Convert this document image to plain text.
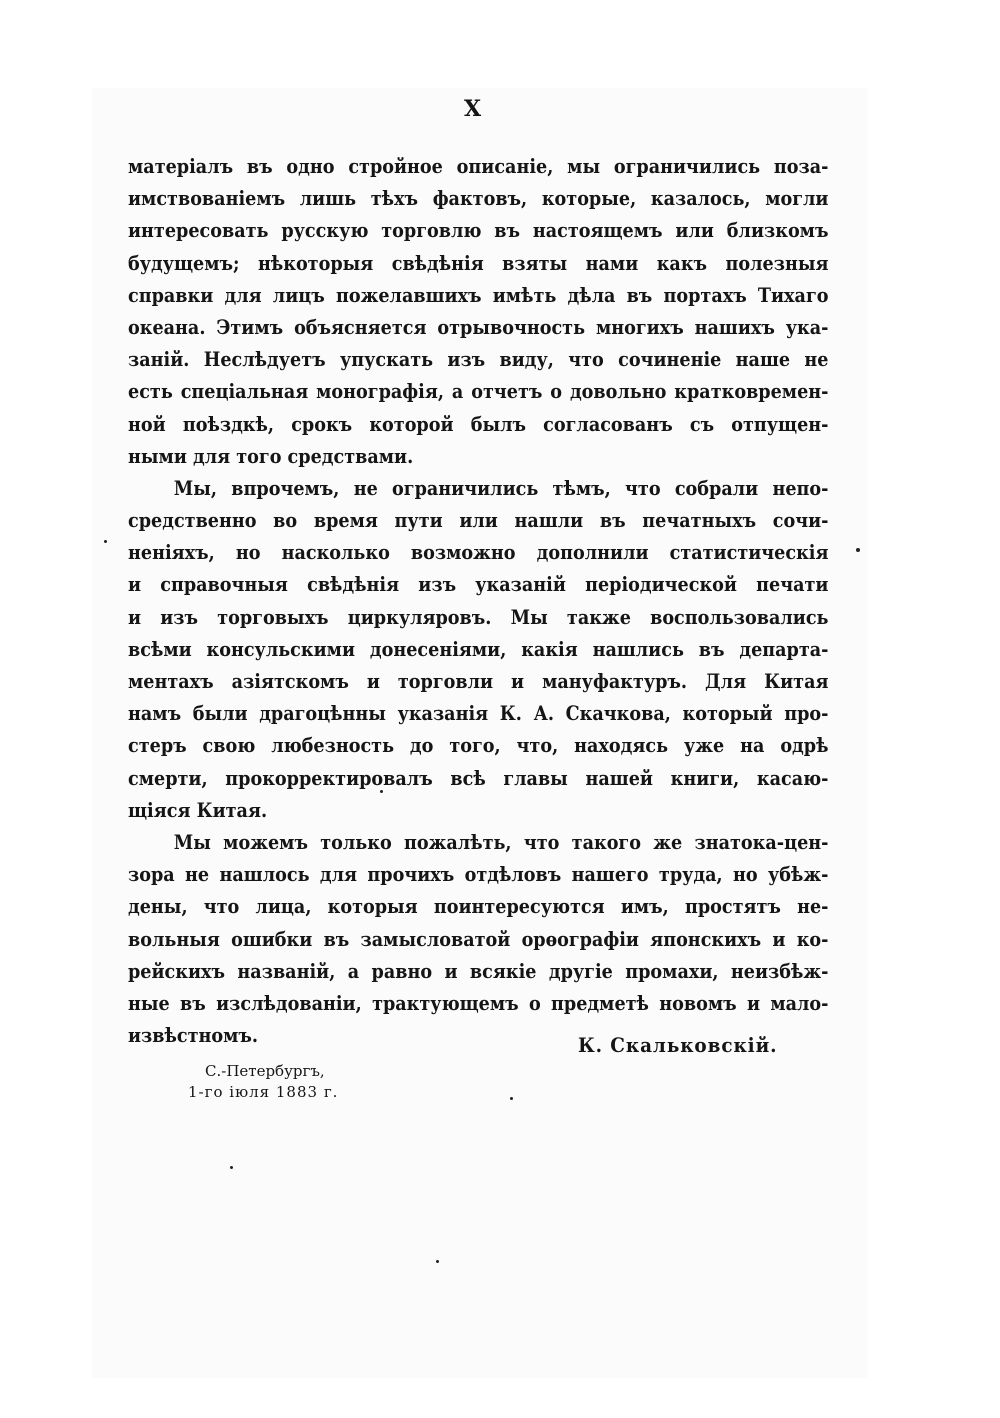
X
матеріалъ въ одно стройное описаніе, мы ограничились поза-
имствованіемъ лишь тѣхъ фактовъ, которые, казалось, могли
интересовать русскую торговлю въ настоящемъ или близкомъ
будущемъ; нѣкоторыя свѣдѣнія взяты нами какъ полезныя
справки для лицъ пожелавшихъ имѣть дѣла въ портахъ Тихаго
океана. Этимъ объясняется отрывочность многихъ нашихъ ука-
заній. Неслѣдуетъ упускать изъ виду, что сочиненіе наше не
есть спеціальная монографія, а отчетъ о довольно кратковремен-
ной поѣздкѣ, срокъ которой былъ согласованъ съ отпущен-
ными для того средствами.
Мы, впрочемъ, не ограничились тѣмъ, что собрали непо-
средственно во время пути или нашли въ печатныхъ сочи-
неніяхъ, но насколько возможно дополнили статистическія
и справочныя свѣдѣнія изъ указаній періодической печати
и изъ торговыхъ циркуляровъ. Мы также воспользовались
всѣми консульскими донесеніями, какія нашлись въ департа-
ментахъ азіятскомъ и торговли и мануфактуръ. Для Китая
намъ были драгоцѣнны указанія К. А. Скачкова, который про-
стеръ свою любезность до того, что, находясь уже на одрѣ
смерти, прокорректировалъ всѣ главы нашей книги, касаю-
щіяся Китая.
Мы можемъ только пожалѣть, что такого же знатока-цен-
зора не нашлось для прочихъ отдѣловъ нашего труда, но убѣж-
дены, что лица, которыя поинтересуются имъ, простятъ не-
вольныя ошибки въ замысловатой орѳографіи японскихъ и ко-
рейскихъ названій, а равно и всякіе другіе промахи, неизбѣж-
ные въ изслѣдованіи, трактующемъ о предметѣ новомъ и мало-
извѣстномъ.	К. Скальковскій.
С.-Петербургъ,
1-го іюля 1883 г.
